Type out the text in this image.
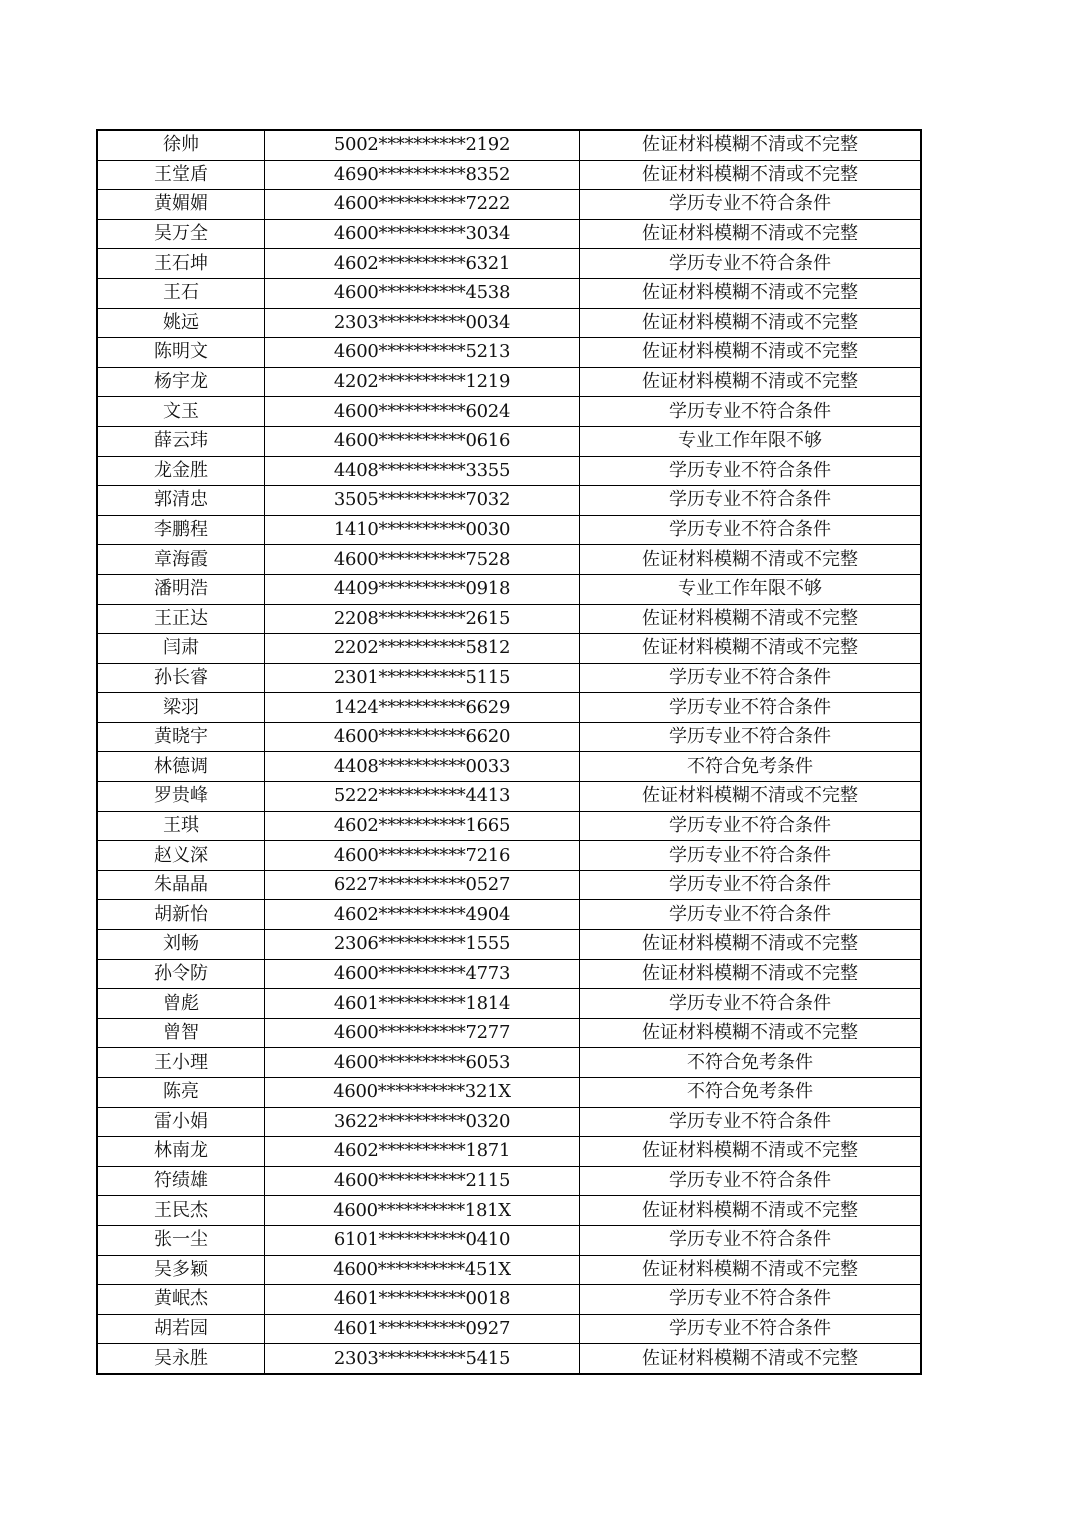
徐帅	5002**********2192	佐证材料模糊不清或不完整
王堂盾	4690**********8352	佐证材料模糊不清或不完整
黄媚媚	4600**********7222	学历专业不符合条件
吴万全	4600**********3034	佐证材料模糊不清或不完整
王石坤	4602**********6321	学历专业不符合条件
王石	4600**********4538	佐证材料模糊不清或不完整
姚远	2303**********0034	佐证材料模糊不清或不完整
陈明文	4600**********5213	佐证材料模糊不清或不完整
杨宇龙	4202**********1219	佐证材料模糊不清或不完整
文玉	4600**********6024	学历专业不符合条件
薛云玮	4600**********0616	专业工作年限不够
龙金胜	4408**********3355	学历专业不符合条件
郭清忠	3505**********7032	学历专业不符合条件
李鹏程	1410**********0030	学历专业不符合条件
章海霞	4600**********7528	佐证材料模糊不清或不完整
潘明浩	4409**********0918	专业工作年限不够
王正达	2208**********2615	佐证材料模糊不清或不完整
闫肃	2202**********5812	佐证材料模糊不清或不完整
孙长睿	2301**********5115	学历专业不符合条件
梁羽	1424**********6629	学历专业不符合条件
黄晓宇	4600**********6620	学历专业不符合条件
林德调	4408**********0033	不符合免考条件
罗贵峰	5222**********4413	佐证材料模糊不清或不完整
王琪	4602**********1665	学历专业不符合条件
赵义深	4600**********7216	学历专业不符合条件
朱晶晶	6227**********0527	学历专业不符合条件
胡新怡	4602**********4904	学历专业不符合条件
刘畅	2306**********1555	佐证材料模糊不清或不完整
孙令防	4600**********4773	佐证材料模糊不清或不完整
曾彪	4601**********1814	学历专业不符合条件
曾智	4600**********7277	佐证材料模糊不清或不完整
王小理	4600**********6053	不符合免考条件
陈亮	4600**********321X	不符合免考条件
雷小娟	3622**********0320	学历专业不符合条件
林南龙	4602**********1871	佐证材料模糊不清或不完整
符绩雄	4600**********2115	学历专业不符合条件
王民杰	4600**********181X	佐证材料模糊不清或不完整
张一尘	6101**********0410	学历专业不符合条件
吴多颖	4600**********451X	佐证材料模糊不清或不完整
黄岷杰	4601**********0018	学历专业不符合条件
胡若园	4601**********0927	学历专业不符合条件
吴永胜	2303**********5415	佐证材料模糊不清或不完整
